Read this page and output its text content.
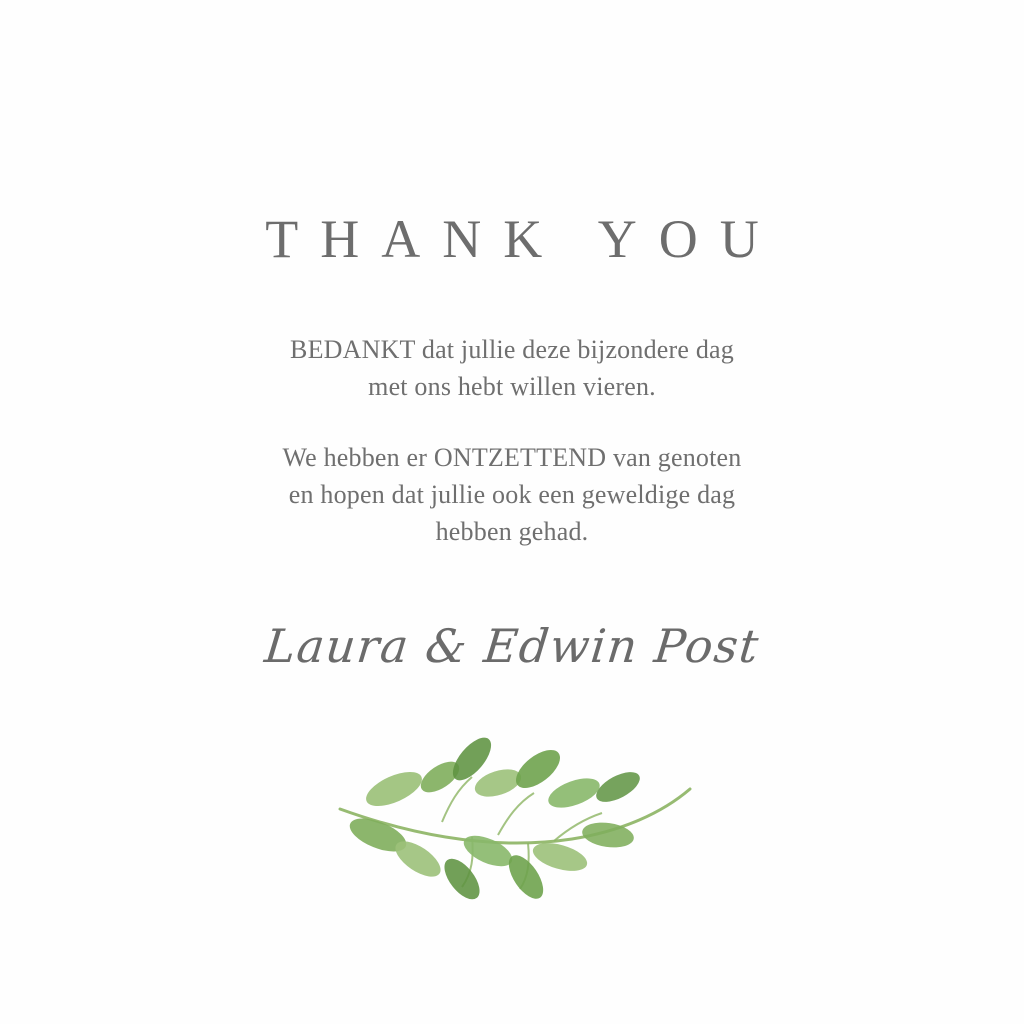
THANK YOU

BEDANKT dat jullie deze bijzondere dag

met ons hebt willen vieren.

We hebben er ONTZETTEND van genoten

en hopen dat jullie ook een geweldige dag

hebben gehad.

Laura & Edwin Post
